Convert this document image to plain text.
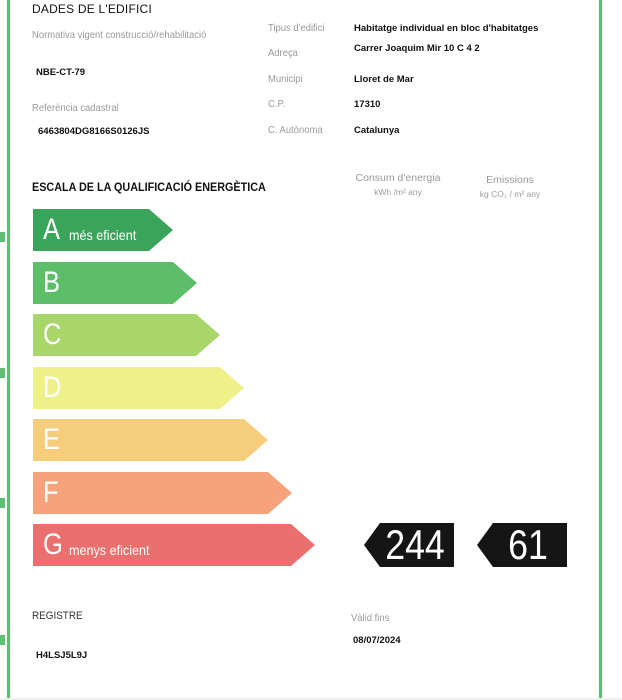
DADES DE L'EDIFICI
Normativa vigent construcció/rehabilitació
NBE-CT-79
Referència cadastral
6463804DG8166S0126JS
Tipus d'edifici	Habitatge individual en bloc d'habitatges
Adreça	Carrer Joaquim Mir 10 C 4 2
Municipi	Lloret de Mar
C.P.	17310
C. Autònoma	Catalunya
ESCALA DE LA QUALIFICACIÓ ENERGÈTICA
Consum d'energia
kWh /m² any
Emissions
kg CO₂ / m² any
A més eficient
B
C
D
E
F
G menys eficient	244	61
REGISTRE
H4LSJ5L9J
Vàlid fins
08/07/2024
